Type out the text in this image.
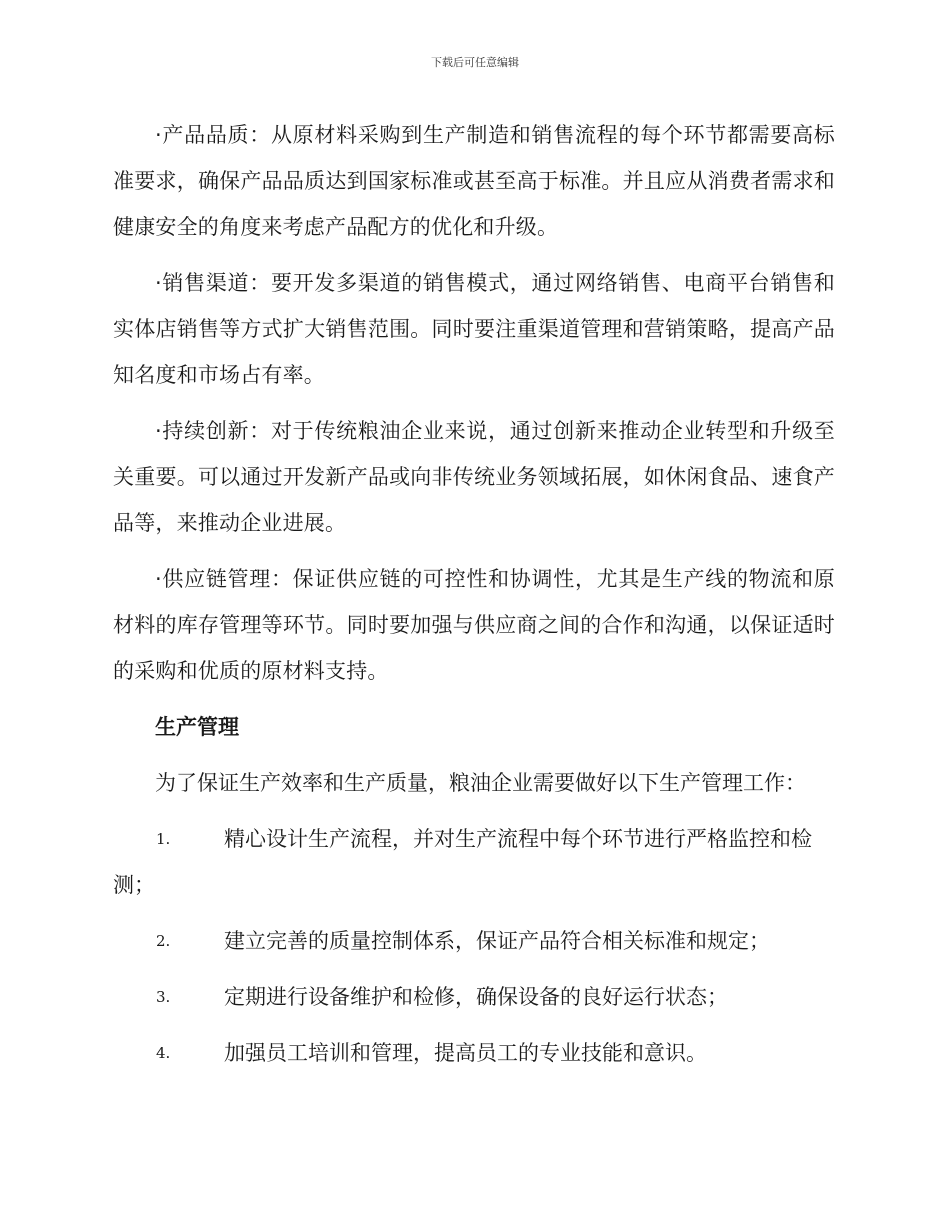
下载后可任意编辑

·产品品质：从原材料采购到生产制造和销售流程的每个环节都需要高标准要求，确保产品品质达到国家标准或甚至高于标准。并且应从消费者需求和健康安全的角度来考虑产品配方的优化和升级。

·销售渠道：要开发多渠道的销售模式，通过网络销售、电商平台销售和实体店销售等方式扩大销售范围。同时要注重渠道管理和营销策略，提高产品知名度和市场占有率。

·持续创新：对于传统粮油企业来说，通过创新来推动企业转型和升级至关重要。可以通过开发新产品或向非传统业务领域拓展，如休闲食品、速食产品等，来推动企业进展。

·供应链管理：保证供应链的可控性和协调性，尤其是生产线的物流和原材料的库存管理等环节。同时要加强与供应商之间的合作和沟通，以保证适时的采购和优质的原材料支持。

生产管理

为了保证生产效率和生产质量，粮油企业需要做好以下生产管理工作：

1.	精心设计生产流程，并对生产流程中每个环节进行严格监控和检测；

2.	建立完善的质量控制体系，保证产品符合相关标准和规定；

3.	定期进行设备维护和检修，确保设备的良好运行状态；

4.	加强员工培训和管理，提高员工的专业技能和意识。
